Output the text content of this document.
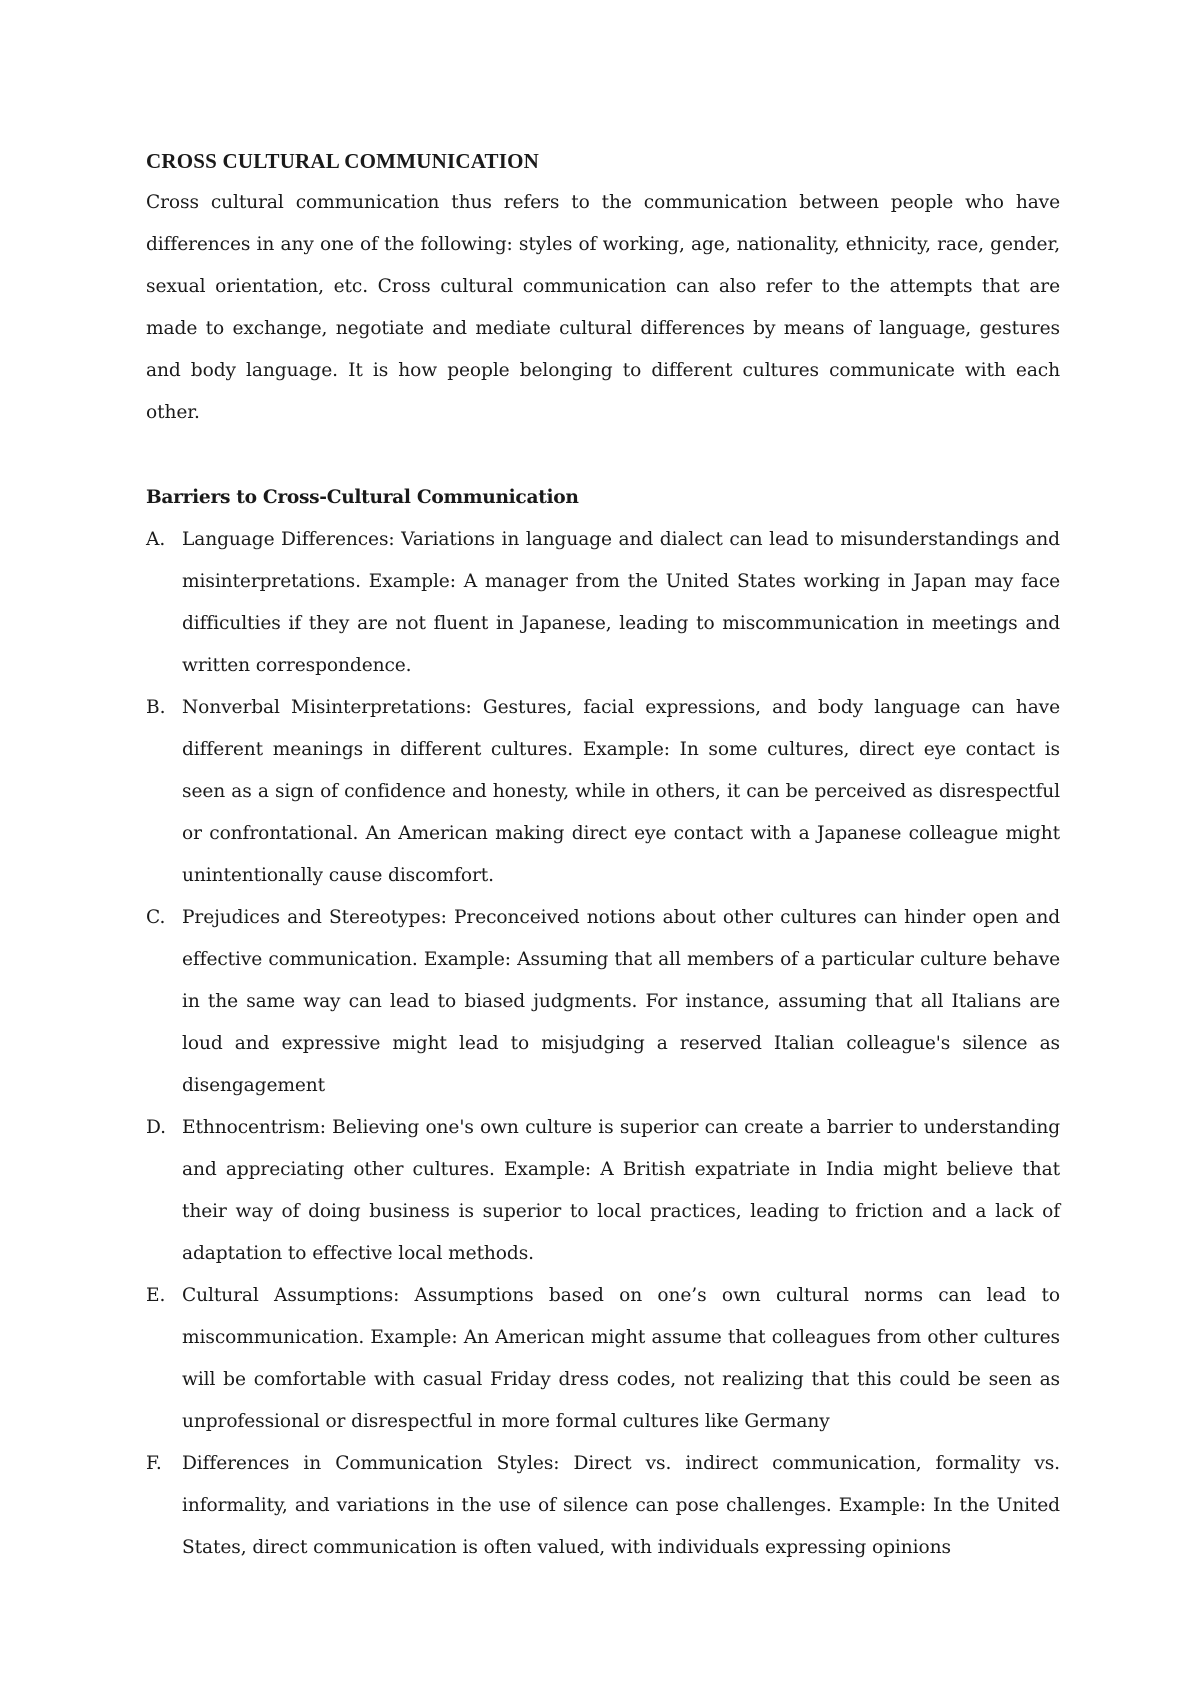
CROSS CULTURAL COMMUNICATION

Cross cultural communication thus refers to the communication between people who have differences in any one of the following: styles of working, age, nationality, ethnicity, race, gender, sexual orientation, etc. Cross cultural communication can also refer to the attempts that are made to exchange, negotiate and mediate cultural differences by means of language, gestures and body language. It is how people belonging to different cultures communicate with each other.

Barriers to Cross-Cultural Communication
A. Language Differences: Variations in language and dialect can lead to misunderstandings and misinterpretations. Example: A manager from the United States working in Japan may face difficulties if they are not fluent in Japanese, leading to miscommunication in meetings and written correspondence.
B. Nonverbal Misinterpretations: Gestures, facial expressions, and body language can have different meanings in different cultures. Example: In some cultures, direct eye contact is seen as a sign of confidence and honesty, while in others, it can be perceived as disrespectful or confrontational. An American making direct eye contact with a Japanese colleague might unintentionally cause discomfort.
C. Prejudices and Stereotypes: Preconceived notions about other cultures can hinder open and effective communication. Example: Assuming that all members of a particular culture behave in the same way can lead to biased judgments. For instance, assuming that all Italians are loud and expressive might lead to misjudging a reserved Italian colleague's silence as disengagement
D. Ethnocentrism: Believing one's own culture is superior can create a barrier to understanding and appreciating other cultures. Example: A British expatriate in India might believe that their way of doing business is superior to local practices, leading to friction and a lack of adaptation to effective local methods.
E. Cultural Assumptions: Assumptions based on one’s own cultural norms can lead to miscommunication. Example: An American might assume that colleagues from other cultures will be comfortable with casual Friday dress codes, not realizing that this could be seen as unprofessional or disrespectful in more formal cultures like Germany
F.	Differences in Communication Styles: Direct vs. indirect communication, formality vs. informality, and variations in the use of silence can pose challenges. Example: In the United States, direct communication is often valued, with individuals expressing opinions
